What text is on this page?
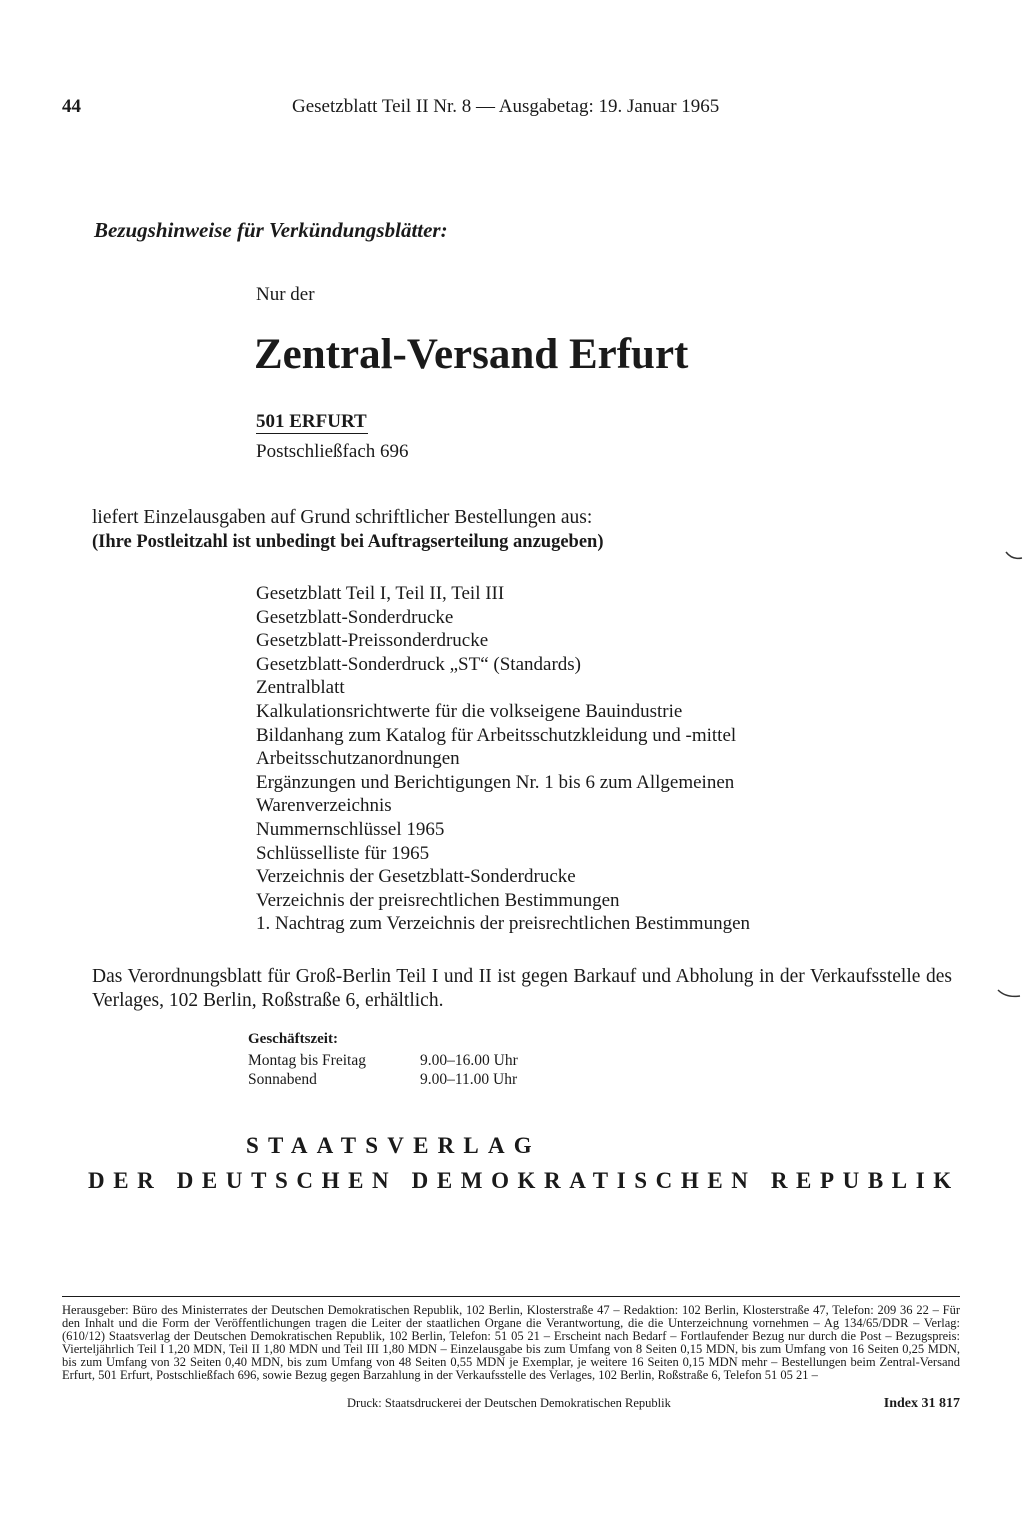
44	Gesetzblatt Teil II Nr. 8 — Ausgabetag: 19. Januar 1965
Bezugshinweise für Verkündungsblätter:
Nur der
Zentral-Versand Erfurt
501 ERFURT
Postschließfach 696
liefert Einzelausgaben auf Grund schriftlicher Bestellungen aus:
(Ihre Postleitzahl ist unbedingt bei Auftragserteilung anzugeben)
Gesetzblatt Teil I, Teil II, Teil III
Gesetzblatt-Sonderdrucke
Gesetzblatt-Preissonderdrucke
Gesetzblatt-Sonderdruck „ST“ (Standards)
Zentralblatt
Kalkulationsrichtwerte für die volkseigene Bauindustrie
Bildanhang zum Katalog für Arbeitsschutzkleidung und -mittel
Arbeitsschutzanordnungen
Ergänzungen und Berichtigungen Nr. 1 bis 6 zum Allgemeinen
Warenverzeichnis
Nummernschlüssel 1965
Schlüsselliste für 1965
Verzeichnis der Gesetzblatt-Sonderdrucke
Verzeichnis der preisrechtlichen Bestimmungen
1. Nachtrag zum Verzeichnis der preisrechtlichen Bestimmungen
Das Verordnungsblatt für Groß-Berlin Teil I und II ist gegen Barkauf und Abholung in der Verkaufsstelle des Verlages, 102 Berlin, Roßstraße 6, erhältlich.
Geschäftszeit:
Montag bis Freitag	9.00–16.00 Uhr
Sonnabend	9.00–11.00 Uhr
STAATSVERLAG
DER DEUTSCHEN DEMOKRATISCHEN REPUBLIK
Herausgeber: Büro des Ministerrates der Deutschen Demokratischen Republik, 102 Berlin, Klosterstraße 47 – Redaktion: 102 Berlin, Klosterstraße 47, Telefon: 209 36 22 – Für den Inhalt und die Form der Veröffentlichungen tragen die Leiter der staatlichen Organe die Verantwortung, die die Unterzeichnung vornehmen – Ag 134/65/DDR – Verlag: (610/12) Staatsverlag der Deutschen Demokratischen Republik, 102 Berlin, Telefon: 51 05 21 – Erscheint nach Bedarf – Fortlaufender Bezug nur durch die Post – Bezugspreis: Vierteljährlich Teil I 1,20 MDN, Teil II 1,80 MDN und Teil III 1,80 MDN – Einzelausgabe bis zum Umfang von 8 Seiten 0,15 MDN, bis zum Umfang von 16 Seiten 0,25 MDN, bis zum Umfang von 32 Seiten 0,40 MDN, bis zum Umfang von 48 Seiten 0,55 MDN je Exemplar, je weitere 16 Seiten 0,15 MDN mehr – Bestellungen beim Zentral-Versand Erfurt, 501 Erfurt, Postschließfach 696, sowie Bezug gegen Barzahlung in der Verkaufsstelle des Verlages, 102 Berlin, Roßstraße 6, Telefon 51 05 21 –
Druck: Staatsdruckerei der Deutschen Demokratischen Republik	Index 31 817
